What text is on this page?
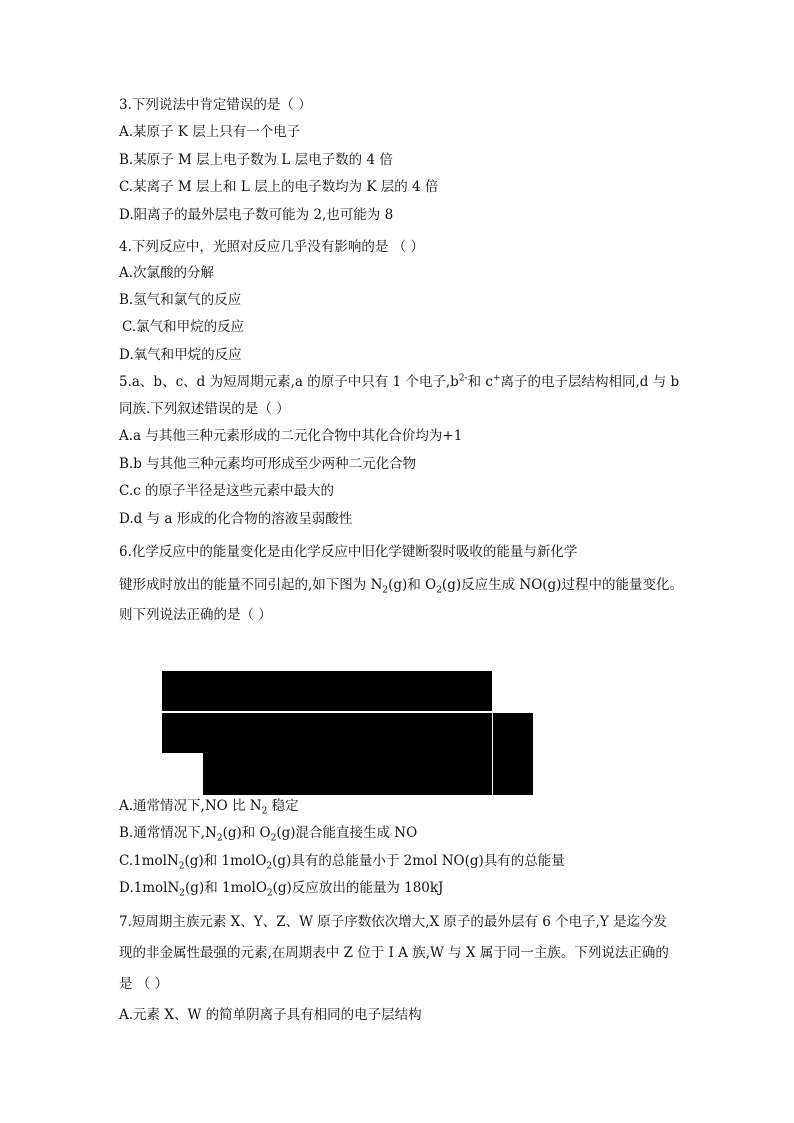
3.下列说法中肯定错误的是（ ）
A.某原子 K 层上只有一个电子
B.某原子 M 层上电子数为 L 层电子数的 4 倍
C.某离子 M 层上和 L 层上的电子数均为 K 层的 4 倍
D.阳离子的最外层电子数可能为 2,也可能为 8
4.下列反应中，光照对反应几乎没有影响的是 （ ）
A.次氯酸的分解
B.氢气和氯气的反应
C.氯气和甲烷的反应
D.氧气和甲烷的反应
5.a、b、c、d 为短周期元素,a 的原子中只有 1 个电子$,b^{2-}$和 c+离子的电子层结构相同,d 与 b
同族.下列叙述错误的是（ ）
A.a 与其他三种元素形成的二元化合物中其化合价均为+1
B.b 与其他三种元素均可形成至少两种二元化合物
C.c 的原子半径是这些元素中最大的
D.d 与 a 形成的化合物的溶液呈弱酸性
6.化学反应中的能量变化是由化学反应中旧化学键断裂时吸收的能量与新化学
键形成时放出的能量不同引起的,如下图为 $N_2(g)$和 $O_2(g)$反应生成 NO(g)过程中的能量变化。
则下列说法正确的是（ ）
A.通常情况下,NO 比 $N_2$ 稳定
B.通常情况下$,N_2(g)$和 $O_2(g)$混合能直接生成 NO
C.1molN$_2$(g)和 1molO$_2$(g)具有的总能量小于 2mol NO(g)具有的总能量
D.1molN$_2$(g)和 1molO$_2$(g)反应放出的能量为 180kJ
7.短周期主族元素 X、Y、Z、W 原子序数依次增大,X 原子的最外层有 6 个电子,Y 是迄今发
现的非金属性最强的元素,在周期表中 Z 位于 I A 族,W 与 X 属于同一主族。下列说法正确的
是 （ ）
A.元素 X、W 的简单阴离子具有相同的电子层结构
